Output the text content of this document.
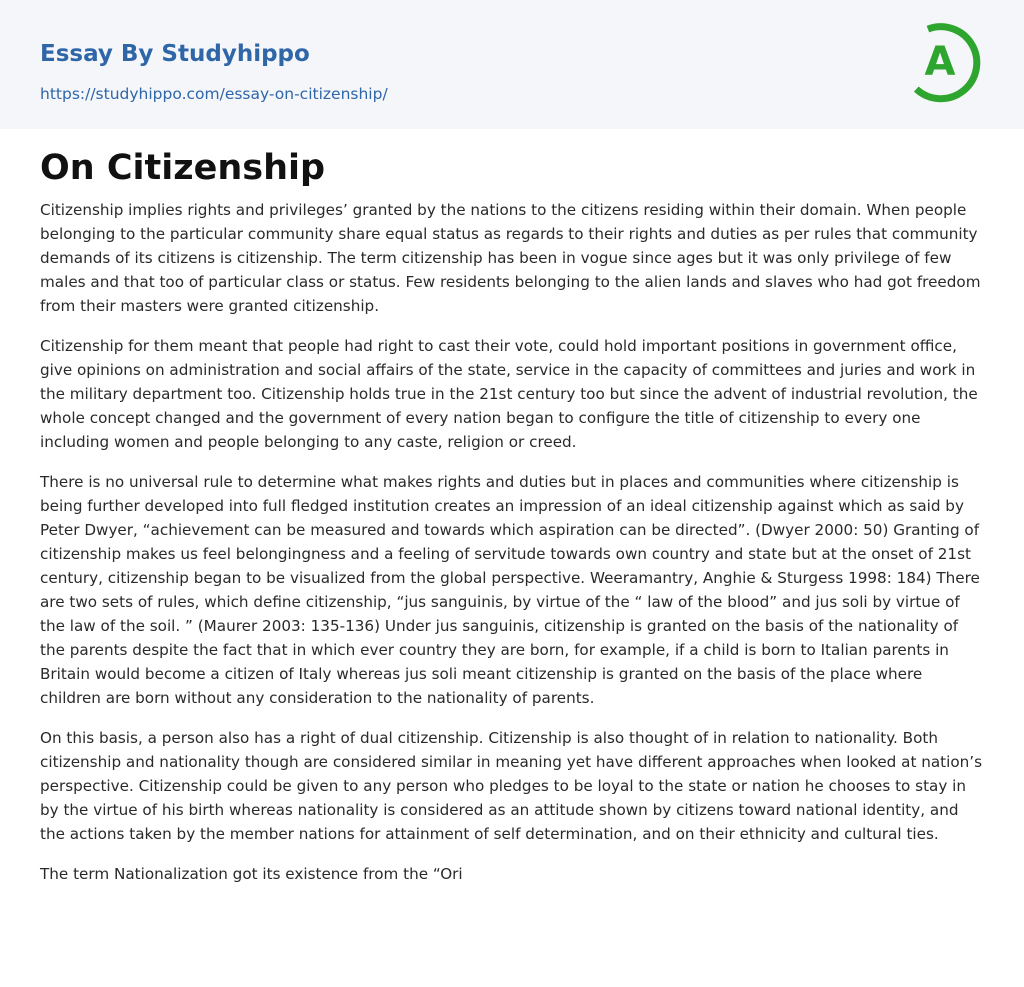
Essay By Studyhippo
https://studyhippo.com/essay-on-citizenship/
A
On Citizenship

Citizenship implies rights and privileges’ granted by the nations to the citizens residing within their domain. When people belonging to the particular community share equal status as regards to their rights and duties as per rules that community demands of its citizens is citizenship. The term citizenship has been in vogue since ages but it was only privilege of few males and that too of particular class or status. Few residents belonging to the alien lands and slaves who had got freedom from their masters were granted citizenship.

Citizenship for them meant that people had right to cast their vote, could hold important positions in government office, give opinions on administration and social affairs of the state, service in the capacity of committees and juries and work in the military department too. Citizenship holds true in the 21st century too but since the advent of industrial revolution, the whole concept changed and the government of every nation began to configure the title of citizenship to every one including women and people belonging to any caste, religion or creed.

There is no universal rule to determine what makes rights and duties but in places and communities where citizenship is being further developed into full fledged institution creates an impression of an ideal citizenship against which as said by Peter Dwyer, “achievement can be measured and towards which aspiration can be directed”. (Dwyer 2000: 50) Granting of citizenship makes us feel belongingness and a feeling of servitude towards own country and state but at the onset of 21st century, citizenship began to be visualized from the global perspective. Weeramantry, Anghie & Sturgess 1998: 184) There are two sets of rules, which define citizenship, “jus sanguinis, by virtue of the “ law of the blood” and jus soli by virtue of the law of the soil. ” (Maurer 2003: 135-136) Under jus sanguinis, citizenship is granted on the basis of the nationality of the parents despite the fact that in which ever country they are born, for example, if a child is born to Italian parents in Britain would become a citizen of Italy whereas jus soli meant citizenship is granted on the basis of the place where children are born without any consideration to the nationality of parents.

On this basis, a person also has a right of dual citizenship. Citizenship is also thought of in relation to nationality. Both citizenship and nationality though are considered similar in meaning yet have different approaches when looked at nation’s perspective. Citizenship could be given to any person who pledges to be loyal to the state or nation he chooses to stay in by the virtue of his birth whereas nationality is considered as an attitude shown by citizens toward national identity, and the actions taken by the member nations for attainment of self determination, and on their ethnicity and cultural ties.

The term Nationalization got its existence from the “Ori
